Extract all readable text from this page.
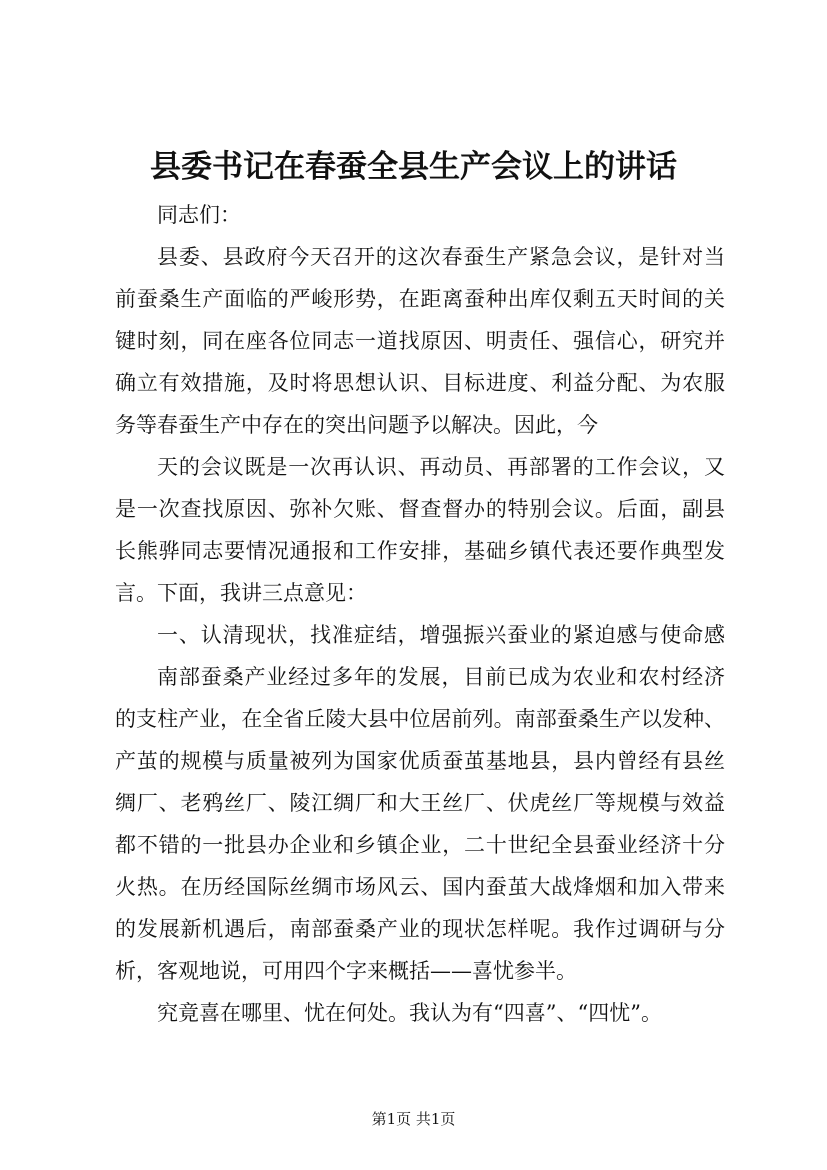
县委书记在春蚕全县生产会议上的讲话
同志们：
县委、县政府今天召开的这次春蚕生产紧急会议，是针对当
前蚕桑生产面临的严峻形势，在距离蚕种出库仅剩五天时间的关
键时刻，同在座各位同志一道找原因、明责任、强信心，研究并
确立有效措施，及时将思想认识、目标进度、利益分配、为农服
务等春蚕生产中存在的突出问题予以解决。因此，今
天的会议既是一次再认识、再动员、再部署的工作会议，又
是一次查找原因、弥补欠账、督查督办的特别会议。后面，副县
长熊骅同志要情况通报和工作安排，基础乡镇代表还要作典型发
言。下面，我讲三点意见：
一、认清现状，找准症结，增强振兴蚕业的紧迫感与使命感
南部蚕桑产业经过多年的发展，目前已成为农业和农村经济
的支柱产业，在全省丘陵大县中位居前列。南部蚕桑生产以发种、
产茧的规模与质量被列为国家优质蚕茧基地县，县内曾经有县丝
绸厂、老鸦丝厂、陵江绸厂和大王丝厂、伏虎丝厂等规模与效益
都不错的一批县办企业和乡镇企业，二十世纪全县蚕业经济十分
火热。在历经国际丝绸市场风云、国内蚕茧大战烽烟和加入带来
的发展新机遇后，南部蚕桑产业的现状怎样呢。我作过调研与分
析，客观地说，可用四个字来概括——喜忧参半。
究竟喜在哪里、忧在何处。我认为有“四喜”、“四忧”。
第1页 共1页
